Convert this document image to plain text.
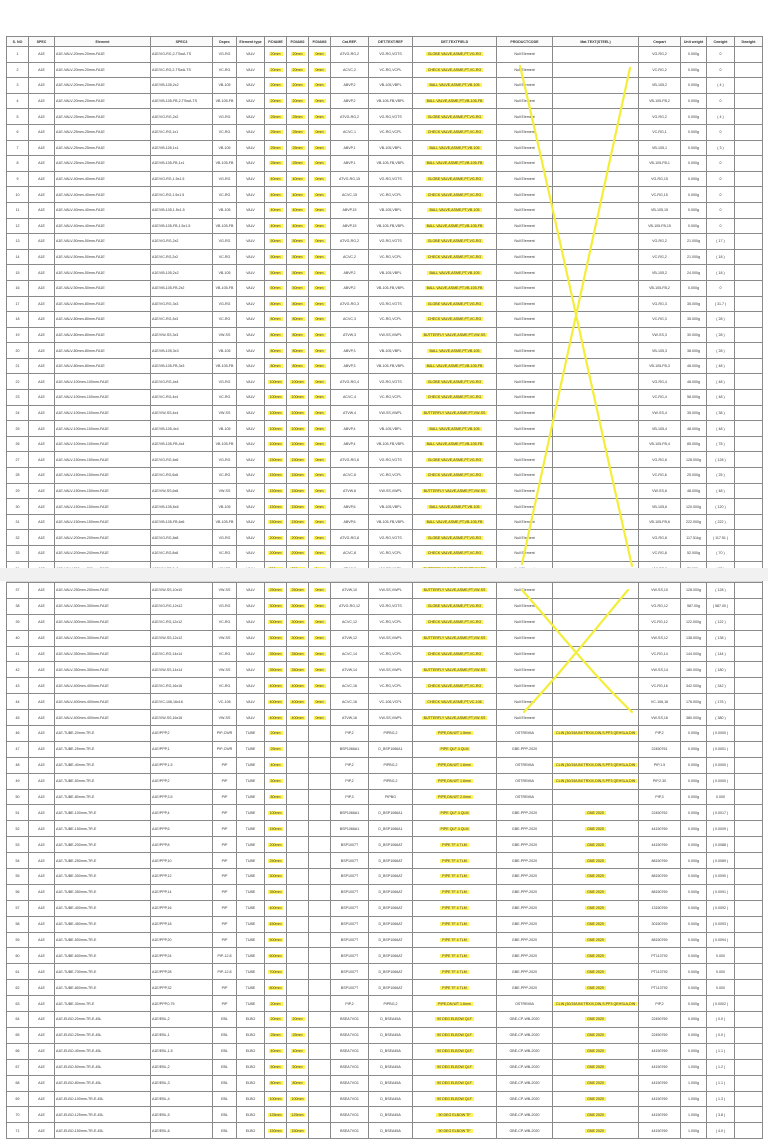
S. NO	SPEC	Element	SPEC3	Dspec	Element type	P.DIAME	P.DIAM2	P.DIAM3	Cat.REF.	DET.TEXT.REF	DET.TEXTFIELD	PRODUCTCODE	Mat.TEXT(STEEL)	Cmpart	Unit weight	Cweight	Dweight
1	A1E	A1E-VALV-20mm-20mm-FA1E	A1E/VG-RG,2-TSwA-TS	VG-RG	VALV	20mm	20mm	0mm	ATVG-RG,2	VG-RG,VGTS	GLOBE VALVE,ASME,PT,VG-RG	Null Element		VG-RG,2	0.000g	0	
2	A1E	A1E-VALV-20mm-20mm-FA1E	A1E/VC-RG,2-TSwA-TS	VC-RG	VALV	20mm	20mm	0mm	ACVC,2	VC-RG,VCPL	CHECK VALVE,ASME,PT,VC-RG	Null Element		VC-RG,2	0.000g	0	
3	A1E	A1E-VALV-20mm-20mm-FA1E	A1E/VB-105,2x2	VB-105	VALV	20mm	20mm	0mm	ABVP,2	VB-105,VBPL	BALL VALVE,ASME,PT,VB-105	Null Element		VB-105,2	0.000g	( 4 )	
4	A1E	A1E-VALV-20mm-20mm-FA1E	A1E/VB-105-FB,2-TSwA-TS	VB-105-FB	VALV	20mm	20mm	0mm	ABVP,2	VB-105-FB,VBPL	BALL VALVE,ASME,PT,VB-105-FB	Null Element		VB-105-FB,2	0.000g	0	
5	A1E	A1E-VALV-25mm-25mm-FA1E	A1E/VG-RG,2x2	VG-RG	VALV	25mm	25mm	0mm	ATVG-RG,2	VG-RG,VGTS	GLOBE VALVE,ASME,PT,VG-RG	Null Element		VG-RG,2	0.000g	( 4 )	
6	A1E	A1E-VALV-25mm-25mm-FA1E	A1E/VC-RG,1x1	VC-RG	VALV	25mm	25mm	0mm	ACVC,1	VC-RG,VCPL	CHECK VALVE,ASME,PT,VC-RG	Null Element		VC-RG,1	0.000g	0	
7	A1E	A1E-VALV-25mm-25mm-FA1E	A1E/VB-105,1x1	VB-105	VALV	25mm	25mm	0mm	ABVP,1	VB-105,VBPL	BALL VALVE,ASME,PT,VB-105	Null Element		VB-105,1	0.000g	( 3 )	
8	A1E	A1E-VALV-25mm-25mm-FA1E	A1E/VB-105-FB,1x1	VB-105-FB	VALV	25mm	25mm	0mm	ABVP,1	VB-105-FB,VBPL	BALL VALVE,ASME,PT,VB-105-FB	Null Element		VB-105-FB,1	0.000g	0	
9	A1E	A1E-VALV-40mm-40mm-FA1E	A1E/VG-RG,1.5x1.5	VG-RG	VALV	40mm	40mm	0mm	ATVG-RG,15	VG-RG,VGTS	GLOBE VALVE,ASME,PT,VG-RG	Null Element		VG-RG,15	0.000g	0	
10	A1E	A1E-VALV-40mm-40mm-FA1E	A1E/VC-RG,1.5x1.5	VC-RG	VALV	40mm	40mm	0mm	ACVC,15	VC-RG,VCPL	CHECK VALVE,ASME,PT,VC-RG	Null Element		VC-RG,15	0.000g	0	
11	A1E	A1E-VALV-40mm-40mm-FA1E	A1E/VB-105,1.5x1.5	VB-105	VALV	40mm	40mm	0mm	ABVP,15	VB-105,VBPL	BALL VALVE,ASME,PT,VB-105	Null Element		VB-105,15	0.000g	0	
12	A1E	A1E-VALV-40mm-40mm-FA1E	A1E/VB-105-FB,1.5x1.5	VB-105-FB	VALV	40mm	40mm	0mm	ABVP,15	VB-105-FB,VBPL	BALL VALVE,ASME,PT,VB-105-FB	Null Element		VB-105-FB,15	0.000g	0	
13	A1E	A1E-VALV-50mm-50mm-FA1E	A1E/VG-RG,2x2	VG-RG	VALV	50mm	50mm	0mm	ATVG-RG,2	VG-RG,VGTS	GLOBE VALVE,ASME,PT,VG-RG	Null Element		VG-RG,2	21.000g	( 17 )	
14	A1E	A1E-VALV-50mm-50mm-FA1E	A1E/VC-RG,2x2	VC-RG	VALV	50mm	50mm	0mm	ACVC,2	VC-RG,VCPL	CHECK VALVE,ASME,PT,VC-RG	Null Element		VC-RG,2	21.000g	( 18 )	
15	A1E	A1E-VALV-50mm-50mm-FA1E	A1E/VB-105,2x2	VB-105	VALV	50mm	50mm	0mm	ABVP,2	VB-105,VBPL	BALL VALVE,ASME,PT,VB-105	Null Element		VB-105,2	24.000g	( 18 )	
16	A1E	A1E-VALV-50mm-50mm-FA1E	A1E/VB-105-FB,2x2	VB-105-FB	VALV	50mm	50mm	0mm	ABVP,2	VB-105-FB,VBPL	BALL VALVE,ASME,PT,VB-105-FB	Null Element		VB-105-FB,2	0.000g	0	
17	A1E	A1E-VALV-80mm-80mm-FA1E	A1E/VG-RG,3x3	VG-RG	VALV	80mm	80mm	0mm	ATVG-RG,3	VG-RG,VGTS	GLOBE VALVE,ASME,PT,VG-RG	Null Element		VG-RG,3	35.000g	( 31.7 )	
18	A1E	A1E-VALV-80mm-80mm-FA1E	A1E/VC-RG,3x3	VC-RG	VALV	80mm	80mm	0mm	ACVC,3	VC-RG,VCPL	CHECK VALVE,ASME,PT,VC-RG	Null Element		VC-RG,3	35.000g	( 28 )	
19	A1E	A1E-VALV-80mm-80mm-FA1E	A1E/VW-SS,3x3	VW-SS	VALV	80mm	80mm	0mm	ATVW,3	VW-SS,VWPL	BUTTERFLY VALVE,ASME,PT,VW-SS	Null Element		VW-SS,3	30.000g	( 28 )	
20	A1E	A1E-VALV-80mm-80mm-FA1E	A1E/VB-105,3x3	VB-105	VALV	80mm	80mm	0mm	ABVP,3	VB-105,VBPL	BALL VALVE,ASME,PT,VB-105	Null Element		VB-105,3	38.000g	( 28 )	
21	A1E	A1E-VALV-80mm-80mm-FA1E	A1E/VB-105-FB,3x3	VB-105-FB	VALV	80mm	80mm	0mm	ABVP,3	VB-105-FB,VBPL	BALL VALVE,ASME,PT,VB-105-FB	Null Element		VB-105-FB,3	48.000g	( 48 )	
22	A1E	A1E-VALV-100mm-100mm-FA1E	A1E/VG-RG,4x4	VG-RG	VALV	100mm	100mm	0mm	ATVG-RG,4	VG-RG,VGTS	GLOBE VALVE,ASME,PT,VG-RG	Null Element		VG-RG,4	48.000g	( 48 )	
23	A1E	A1E-VALV-100mm-100mm-FA1E	A1E/VC-RG,4x4	VC-RG	VALV	100mm	100mm	0mm	ACVC,4	VC-RG,VCPL	CHECK VALVE,ASME,PT,VC-RG	Null Element		VC-RG,4	58.000g	( 48 )	
24	A1E	A1E-VALV-100mm-100mm-FA1E	A1E/VW-SS,4x4	VW-SS	VALV	100mm	100mm	0mm	ATVW,4	VW-SS,VWPL	BUTTERFLY VALVE,ASME,PT,VW-SS	Null Element		VW-SS,4	35.000g	( 38 )	
25	A1E	A1E-VALV-100mm-100mm-FA1E	A1E/VB-105,4x4	VB-105	VALV	100mm	100mm	0mm	ABVP,4	VB-105,VBPL	BALL VALVE,ASME,PT,VB-105	Null Element		VB-105,4	48.000g	( 48 )	
26	A1E	A1E-VALV-100mm-100mm-FA1E	A1E/VB-105-FB,4x4	VB-105-FB	VALV	100mm	100mm	0mm	ABVP,4	VB-105-FB,VBPL	BALL VALVE,ASME,PT,VB-105-FB	Null Element		VB-105-FB,4	85.000g	( 78 )	
27	A1E	A1E-VALV-150mm-150mm-FA1E	A1E/VG-RG,6x6	VG-RG	VALV	150mm	150mm	0mm	ATVG-RG,6	VG-RG,VGTS	GLOBE VALVE,ASME,PT,VG-RG	Null Element		VG-RG,6	128.000g	( 128 )	
28	A1E	A1E-VALV-150mm-150mm-FA1E	A1E/VC-RG,6x6	VC-RG	VALV	150mm	150mm	0mm	ACVC,6	VC-RG,VCPL	CHECK VALVE,ASME,PT,VC-RG	Null Element		VC-RG,6	25.000g	( 25 )	
29	A1E	A1E-VALV-150mm-150mm-FA1E	A1E/VW-SS,6x6	VW-SS	VALV	150mm	150mm	0mm	ATVW,6	VW-SS,VWPL	BUTTERFLY VALVE,ASME,PT,VW-SS	Null Element		VW-SS,6	48.000g	( 48 )	
30	A1E	A1E-VALV-150mm-150mm-FA1E	A1E/VB-105,6x6	VB-105	VALV	150mm	150mm	0mm	ABVP,6	VB-105,VBPL	BALL VALVE,ASME,PT,VB-105	Null Element		VB-105,6	120.000g	( 120 )	
31	A1E	A1E-VALV-150mm-150mm-FA1E	A1E/VB-105-FB,6x6	VB-105-FB	VALV	150mm	150mm	0mm	ABVP,6	VB-105-FB,VBPL	BALL VALVE,ASME,PT,VB-105-FB	Null Element		VB-105-FB,6	222.000g	( 222 )	
32	A1E	A1E-VALV-200mm-200mm-FA1E	A1E/VG-RG,8x8	VG-RG	VALV	200mm	200mm	0mm	ATVG-RG,8	VG-RG,VGTS	GLOBE VALVE,ASME,PT,VG-RG	Null Element		VG-RG,8	117.51kg	( 117.51 )	
33	A1E	A1E-VALV-200mm-200mm-FA1E	A1E/VC-RG,8x8	VC-RG	VALV	200mm	200mm	0mm	ACVC,8	VC-RG,VCPL	CHECK VALVE,ASME,PT,VC-RG	Null Element		VC-RG,8	52.000g	( 70 )	

37	A1E	A1E-VALV-250mm-250mm-FA1E	A1E/VW-SS,10x10	VW-SS	VALV	250mm	250mm	0mm	ATVW,10	VW-SS,VWPL	BUTTERFLY VALVE,ASME,PT,VW-SS	Null Element		VW-SS,10	128.000g	( 128 )	
38	A1E	A1E-VALV-300mm-300mm-FA1E	A1E/VG-RG,12x12	VG-RG	VALV	300mm	300mm	0mm	ATVG-RG,12	VG-RG,VGTS	GLOBE VALVE,ASME,PT,VG-RG	Null Element		VG-RG,12	587.00g	( 587.00 )	
39	A1E	A1E-VALV-300mm-300mm-FA1E	A1E/VC-RG,12x12	VC-RG	VALV	300mm	300mm	0mm	ACVC,12	VC-RG,VCPL	CHECK VALVE,ASME,PT,VC-RG	Null Element		VC-RG,12	122.000g	( 122 )	
40	A1E	A1E-VALV-300mm-300mm-FA1E	A1E/VW-SS,12x12	VW-SS	VALV	300mm	300mm	0mm	ATVW,12	VW-SS,VWPL	BUTTERFLY VALVE,ASME,PT,VW-SS	Null Element		VW-SS,12	138.000g	( 138 )	
41	A1E	A1E-VALV-350mm-350mm-FA1E	A1E/VC-RG,14x14	VC-RG	VALV	350mm	350mm	0mm	ACVC,14	VC-RG,VCPL	CHECK VALVE,ASME,PT,VC-RG	Null Element		VC-RG,14	144.000g	( 144 )	
42	A1E	A1E-VALV-350mm-350mm-FA1E	A1E/VW-SS,14x14	VW-SS	VALV	350mm	350mm	0mm	ATVW,14	VW-SS,VWPL	BUTTERFLY VALVE,ASME,PT,VW-SS	Null Element		VW-SS,14	180.000g	( 180 )	
43	A1E	A1E-VALV-400mm-400mm-FA1E	A1E/VC-RG,16x16	VC-RG	VALV	400mm	400mm	0mm	ACVC,16	VC-RG,VCPL	CHECK VALVE,ASME,PT,VC-RG	Null Element		VC-RG,16	342.000g	( 342 )	
44	A1E	A1E-VALV-400mm-400mm-FA1E	A1E/VC-106,16x16	VC-106	VALV	400mm	400mm	0mm	ACVC,16	VC-106,VCPL	CHECK VALVE,ASME,PT,VC-106	Null Element		VC-106,16	176.000g	( 176 )	
45	A1E	A1E-VALV-400mm-400mm-FA1E	A1E/VW-SS,16x16	VW-SS	VALV	400mm	400mm	0mm	ATVW,16	VW-SS,VWPL	BUTTERFLY VALVE,ASME,PT,VW-SS	Null Element		VW-SS,16	380.000g	( 380 )	
46	A1E	A1E-TUBE-20mm-TR-E	A1E/PPP,2	PIP-CWR	TUBE	20mm			PIP,2	PIPBG,2	PIPE,DN,WT 1.5mm	OSTREMIA	CLIN (30/15/UNI TRXIX,DIN,S.PP3 QEHSLA,DIN	PIP,2	0.000g	( 0.0000 )	
47	A1E	A1E-TUBE-25mm-TR-E	A1E/PPP,1	PIP-CWR	TUBE	25mm			BSP1066A1	D_BSP1066A1	PIPE QLF 4 QLM	GBE-PPP-2020		22450761	0.000g	( 0.0001 )	
48	A1E	A1E-TUBE-40mm-TR-E	A1E/PPP,1.5	PIP	TUBE	40mm			PIP,2	PIPBG,2	PIPE,DN,WT 1.6mm	OSTREMIA	CLIN (30/15/UNI TRXIX,DIN,S.PP3 QEHSLA,DIN	PIP,1.5	0.000g	( 0.0000 )	
49	A1E	A1E-TUBE-50mm-TR-E	A1E/PPP,2	PIP	TUBE	50mm			PIP,2	PIPBG,2	PIPE,DN,WT 1.6mm	OSTREMIA	CLIN (30/15/UNI TRXIX,DIN,S.PP3 QEHSLA,DIN	PIP,2.30	0.000g	( 0.0000 )	
50	A1E	A1E-TUBE-80mm-TR-E	A1E/PPP,3.5	PIP	TUBE	80mm			PIP,3	PIPBG	PIPE,DN,WT 2.0mm	OSTREMIA		PIP,3	0.000g	0.000	
51	A1E	A1E-TUBE-100mm-TR-E	A1E/PPP,4	PIP	TUBE	100mm			BSP1066A1	D_BSP1066A1	PIPE QLF 4 QLM	GBE-PPP-2020	GNE 2020	22450762	0.000g	( 0.0017 )	
52	A1E	A1E-TUBE-150mm-TR-E	A1E/PPP,6	PIP	TUBE	150mm			BSP1066A1	D_BSP1066A1	PIPE QLF 4 QLM	GBE-PPP-2020	GNE 2020	44150769	0.000g	( 0.0009 )	
53	A1E	A1E-TUBE-200mm-TR-E	A1E/PPP,8	PIP	TUBE	200mm			BSP1007T	D_BSP1066AT	PIPE TF 4 TLM	GBE-PPP-2020	GNE 2020	44150769	0.000g	( 0.0088 )	
54	A1E	A1E-TUBE-250mm-TR-E	A1E/PPP,10	PIP	TUBE	250mm			BSP1007T	D_BSP1066AT	PIPE TF 4 TLM	GBE-PPP-2020	GNE 2020	88150769	0.000g	( 0.0089 )	
55	A1E	A1E-TUBE-300mm-TR-E	A1E/PPP,12	PIP	TUBE	300mm			BSP1007T	D_BSP1066AT	PIPE TF 4 TLM	GBE-PPP-2020	GNE 2020	88150769	0.000g	( 0.0090 )	
56	A1E	A1E-TUBE-350mm-TR-E	A1E/PPP,14	PIP	TUBE	350mm			BSP1007T	D_BSP1066AT	PIPE TF 4 TLM	GBE-PPP-2020	GNE 2020	88150769	0.000g	( 0.0091 )	
57	A1E	A1E-TUBE-400mm-TR-E	A1E/PPP,16	PIP	TUBE	400mm			BSP1007T	D_BSP1066AT	PIPE TF 4 TLM	GBE-PPP-2020	GNE 2020	13150769	0.000g	( 0.0092 )	
58	A1E	A1E-TUBE-450mm-TR-E	A1E/PPP,18	PIP	TUBE	450mm			BSP1007T	D_BSP1066AT	PIPE TF 4 TLM	GBE-PPP-2020	GNE 2020	30150769	0.000g	( 0.0093 )	
59	A1E	A1E-TUBE-500mm-TR-E	A1E/PPP,20	PIP	TUBE	500mm			BSP1007T	D_BSP1066AT	PIPE TF 4 TLM	GBE-PPP-2020	GNE 2020	88150769	0.000g	( 0.0094 )	
60	A1E	A1E-TUBE-600mm-TR-E	A1E/PPP,24	PIP-12.8	TUBE	600mm			BSP1007T	D_BSP1066AT	PIPE TF 4 TLM	GBE-PPP-2020	GNE 2020	PT113792	0.000g	0.000	
61	A1E	A1E-TUBE-700mm-TR-E	A1E/PPP,28	PIP-12.8	TUBE	700mm			BSP1007T	D_BSP1066AT	PIPE TF 4 TLM	GBE-PPP-2020	GNE 2020	PT113792	0.000g	0.000	
62	A1E	A1E-TUBE-800mm-TR-E	A1E/PPP,32	PIP	TUBE	800mm			BSP1007T	D_BSP1066AT	PIPE TF 4 TLM	GBE-PPP-2020	GNE 2020	PT113792	0.000g	0.000	
63	A1E	A1E-TUBE-30mm-TR-E	A1E/PPP,0.75	PIP	TUBE	20mm			PIP,2	PIPBG,2	PIPE,DN,WT 1.6mm	OSTREMIA	CLIN (30/15/UNI TRXIX,DIN,S.PP3 QEHSLA,DIN	PIP,2	0.000g	( 0.0002 )	
64	A1E	A1E-ELBO-20mm-TR-E-45L	A1E/EBL,2	EBL	ELBO	20mm	20mm		BSEA7VO1	D_BSEA45A	90 DEG ELBOW QLF	GBE-CP-WB-2020	GNE 2020	22450769	0.000g	( 0.0 )	
65	A1E	A1E-ELBO-25mm-TR-E-45L	A1E/EBL,1	EBL	ELBO	25mm	25mm		BSEA7VO1	D_BSEA45A	90 DEG ELBOW QLF	GBE-CP-WB-2020	GNE 2020	22450769	0.000g	( 0.0 )	
66	A1E	A1E-ELBO-40mm-TR-E-45L	A1E/EBL,1.5	EBL	ELBO	40mm	40mm		BSEA7VO1	D_BSEA45A	90 DEG ELBOW QLF	GBE-CP-WB-2020	GNE 2020	44150769	0.000g	( 1.1 )	
67	A1E	A1E-ELBO-50mm-TR-E-45L	A1E/EBL,2	EBL	ELBO	50mm	50mm		BSEA7VO1	D_BSEA45A	90 DEG ELBOW QLF	GBE-CP-WB-2020	GNE 2020	44150769	1.000g	( 1.2 )	
68	A1E	A1E-ELBO-80mm-TR-E-45L	A1E/EBL,3	EBL	ELBO	80mm	80mm		BSEA7VO1	D_BSEA45A	90 DEG ELBOW QLF	GBE-CP-WB-2020	GNE 2020	44150769	1.000g	( 1.1 )	
69	A1E	A1E-ELBO-100mm-TR-E-45L	A1E/EBL,4	EBL	ELBO	100mm	100mm		BSEA7VO1	D_BSEA45A	90 DEG ELBOW QLF	GBE-CP-WB-2020	GNE 2020	44150769	1.000g	( 1.3 )	
70	A1E	A1E-ELBO-125mm-TR-E-45L	A1E/EBL,5	EBL	ELBO	125mm	125mm		BSEA7VO1	D_BSEA45A	90 DEG ELBOW TF	GBE-CP-WB-2020	GNE 2020	44150769	1.000g	( 3.8 )	
71	A1E	A1E-ELBO-150mm-TR-E-45L	A1E/EBL,6	EBL	ELBO	150mm	150mm		BSEA7VO1	D_BSEA45A	90 DEG ELBOW TF	GBE-CP-WB-2020	GNE 2020	44150769	1.000g	( 4.0 )	
